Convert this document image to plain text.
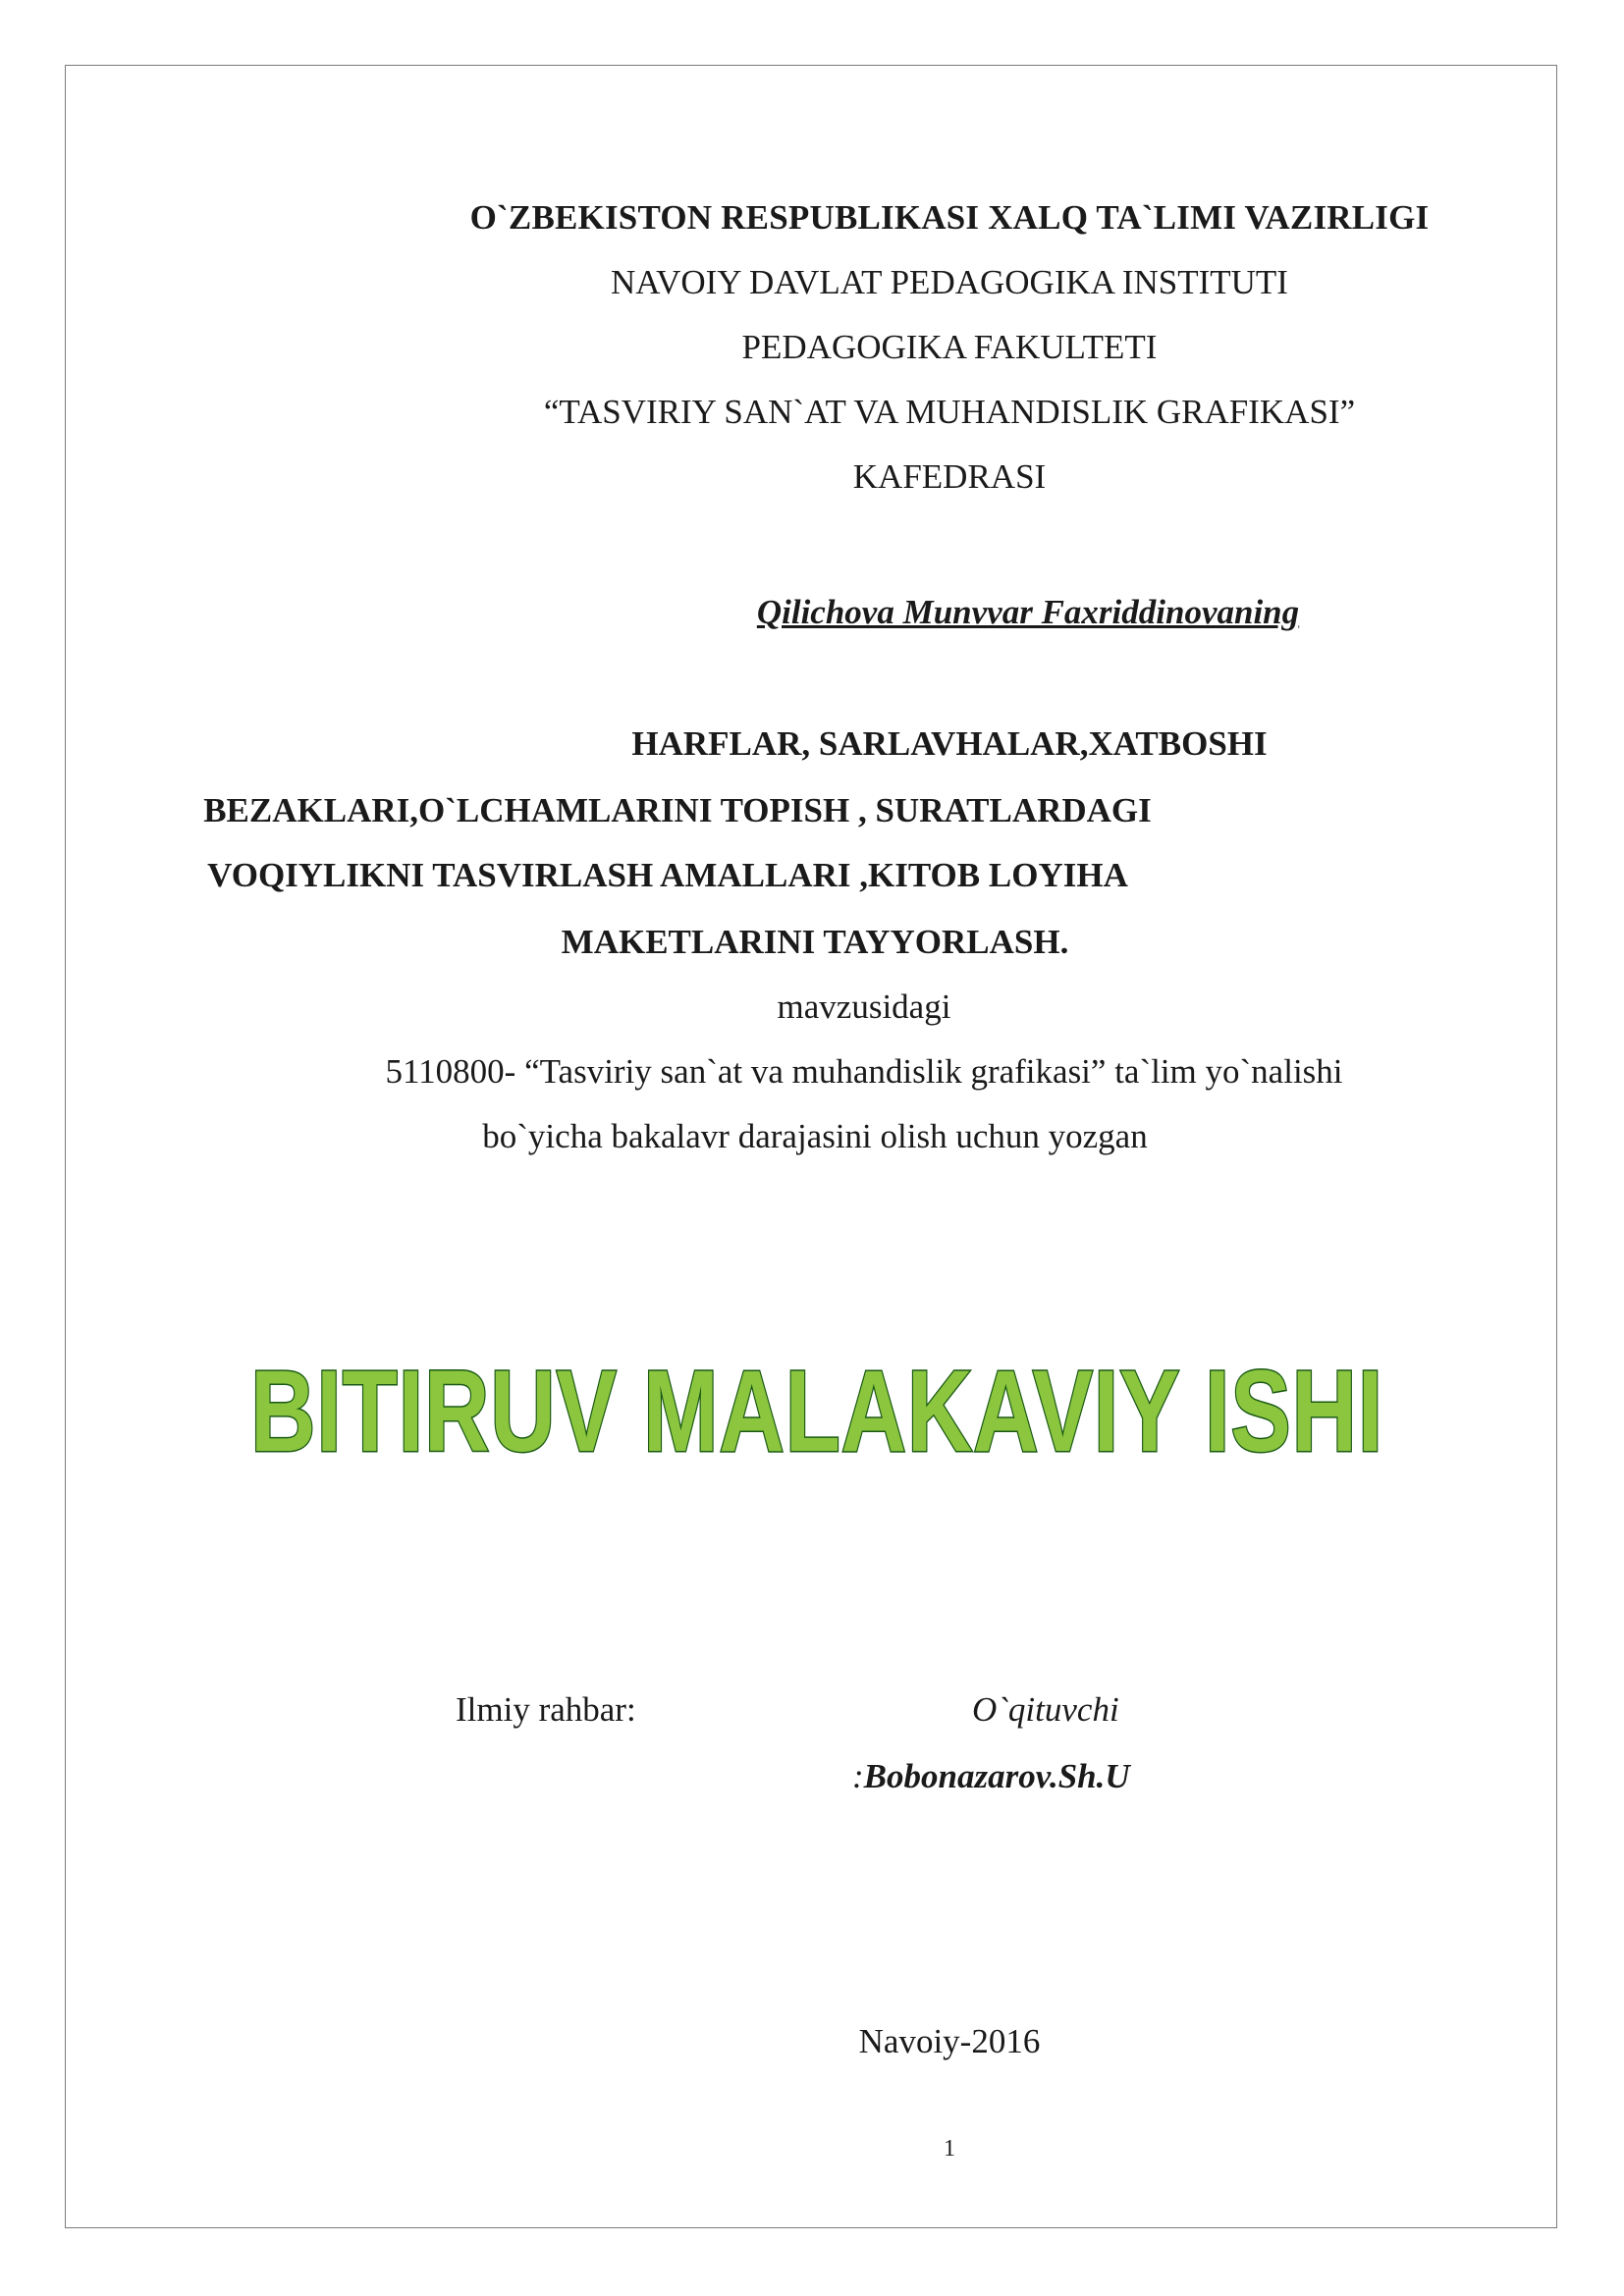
O`ZBEKISTON RESPUBLIKASI XALQ TA`LIMI VAZIRLIGI
NAVOIY DAVLAT PEDAGOGIKA INSTITUTI
PEDAGOGIKA FAKULTETI
“TASVIRIY SAN`AT VA MUHANDISLIK GRAFIKASI”
KAFEDRASI
Qilichova Munvvar Faxriddinovaning
HARFLAR, SARLAVHALAR,XATBOSHI
BEZAKLARI,O`LCHAMLARINI TOPISH , SURATLARDAGI
VOQIYLIKNI TASVIRLASH AMALLARI ,KITOB LOYIHA
MAKETLARINI TAYYORLASH.
mavzusidagi
5110800- “Tasviriy san`at va muhandislik grafikasi” ta`lim yo`nalishi
bo`yicha bakalavr darajasini olish uchun yozgan
BITIRUV MALAKAVIY ISHI
Ilmiy rahbar:	O`qituvchi
:Bobonazarov.Sh.U
Navoiy-2016
1
